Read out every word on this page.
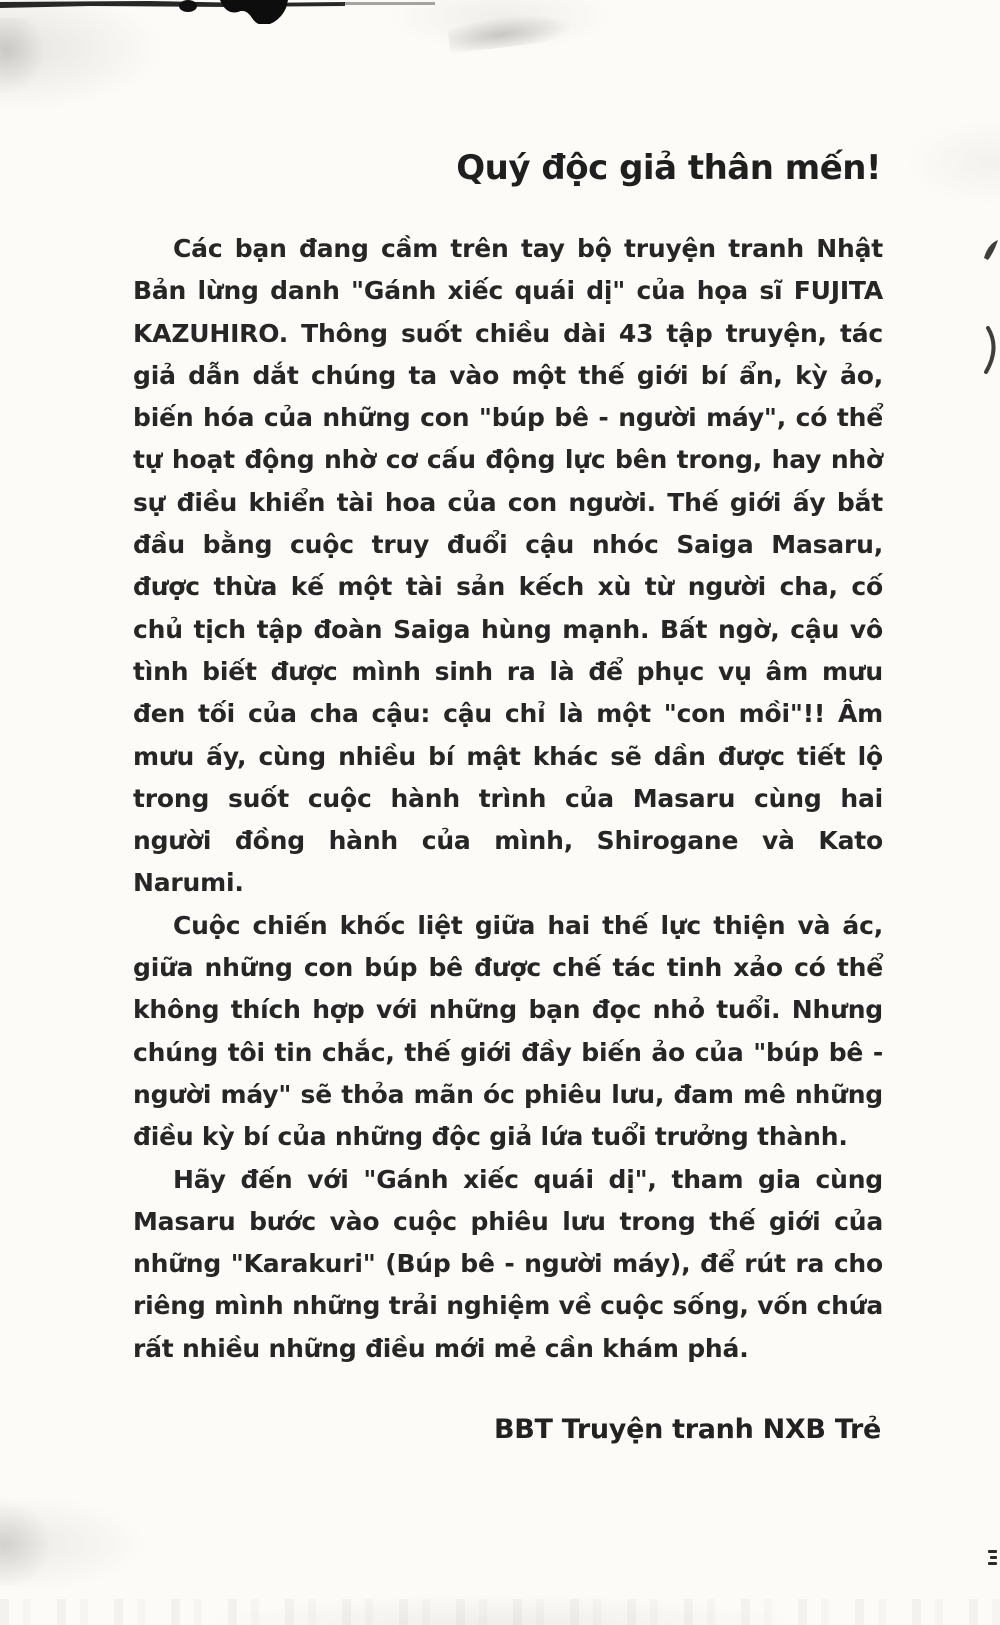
Quý độc giả thân mến!

Các bạn đang cầm trên tay bộ truyện tranh Nhật Bản lừng danh "Gánh xiếc quái dị" của họa sĩ FUJITA KAZUHIRO. Thông suốt chiều dài 43 tập truyện, tác giả dẫn dắt chúng ta vào một thế giới bí ẩn, kỳ ảo, biến hóa của những con "búp bê - người máy", có thể tự hoạt động nhờ cơ cấu động lực bên trong, hay nhờ sự điều khiển tài hoa của con người. Thế giới ấy bắt đầu bằng cuộc truy đuổi cậu nhóc Saiga Masaru, được thừa kế một tài sản kếch xù từ người cha, cố chủ tịch tập đoàn Saiga hùng mạnh. Bất ngờ, cậu vô tình biết được mình sinh ra là để phục vụ âm mưu đen tối của cha cậu: cậu chỉ là một "con mồi"!! Âm mưu ấy, cùng nhiều bí mật khác sẽ dần được tiết lộ trong suốt cuộc hành trình của Masaru cùng hai người đồng hành của mình, Shirogane và Kato Narumi.

Cuộc chiến khốc liệt giữa hai thế lực thiện và ác, giữa những con búp bê được chế tác tinh xảo có thể không thích hợp với những bạn đọc nhỏ tuổi. Nhưng chúng tôi tin chắc, thế giới đầy biến ảo của "búp bê - người máy" sẽ thỏa mãn óc phiêu lưu, đam mê những điều kỳ bí của những độc giả lứa tuổi trưởng thành.

Hãy đến với "Gánh xiếc quái dị", tham gia cùng Masaru bước vào cuộc phiêu lưu trong thế giới của những "Karakuri" (Búp bê - người máy), để rút ra cho riêng mình những trải nghiệm về cuộc sống, vốn chứa rất nhiều những điều mới mẻ cần khám phá.

BBT Truyện tranh NXB Trẻ
